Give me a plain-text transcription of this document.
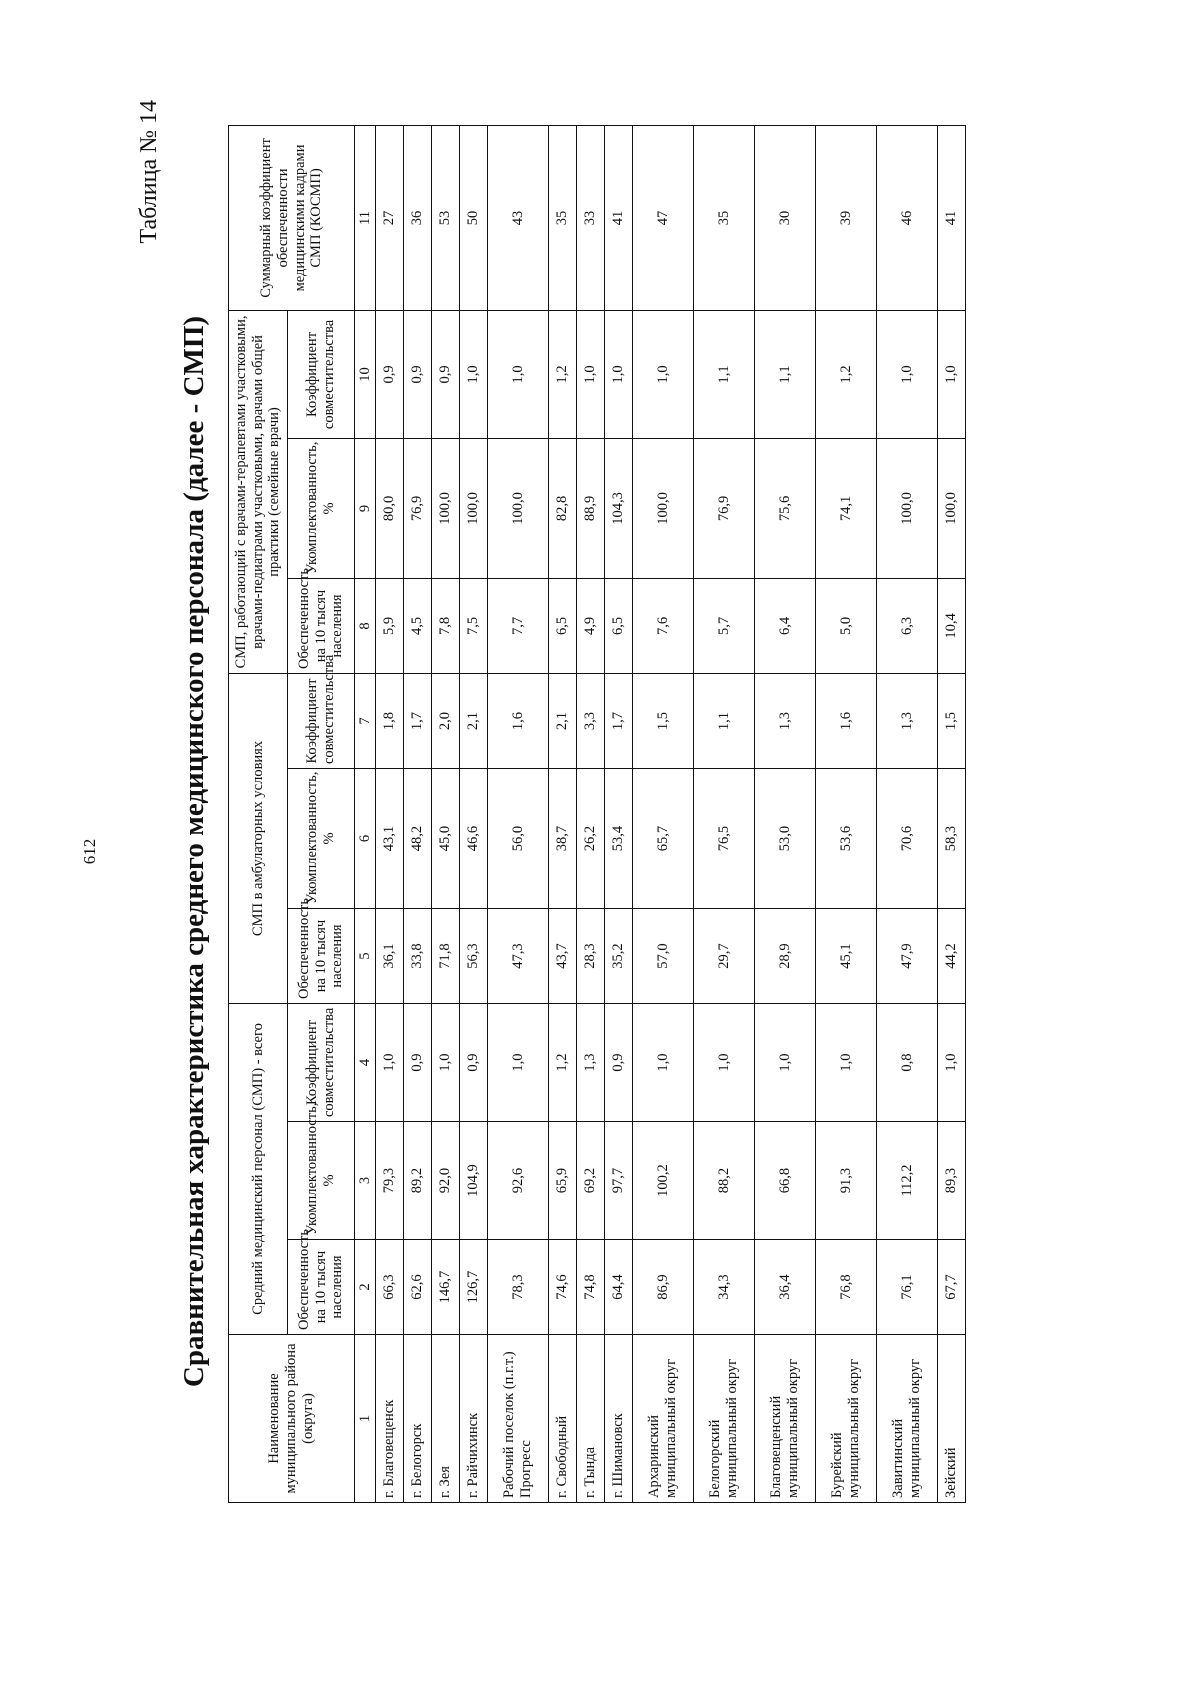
612
Таблица № 14
Сравнительная характеристика среднего медицинского персонала (далее - СМП)
Наименование муниципального района (округа)	Средний медицинский персонал (СМП) - всего			СМП в амбулаторных условиях			СМП, работающий с врачами-терапевтами участковыми, врачами-педиатрами участковыми, врачами общей практики (семейные врачи)			Суммарный коэффициент обеспеченности медицинскими кадрами СМП (КОСМП)
	Обеспеченность на 10 тысяч населения	Укомплектованность, %	Коэффициент совместительства	Обеспеченность на 10 тысяч населения	Укомплектованность, %	Коэффициент совместительства	Обеспеченность на 10 тысяч населения	Укомплектованность, %	Коэффициент совместительства	
1	2	3	4	5	6	7	8	9	10	11
г. Благовещенск	66,3	79,3	1,0	36,1	43,1	1,8	5,9	80,0	0,9	27
г. Белогорск	62,6	89,2	0,9	33,8	48,2	1,7	4,5	76,9	0,9	36
г. Зея	146,7	92,0	1,0	71,8	45,0	2,0	7,8	100,0	0,9	53
г. Райчихинск	126,7	104,9	0,9	56,3	46,6	2,1	7,5	100,0	1,0	50
Рабочий поселок (п.г.т.) Прогресс	78,3	92,6	1,0	47,3	56,0	1,6	7,7	100,0	1,0	43
г. Свободный	74,6	65,9	1,2	43,7	38,7	2,1	6,5	82,8	1,2	35
г. Тында	74,8	69,2	1,3	28,3	26,2	3,3	4,9	88,9	1,0	33
г. Шимановск	64,4	97,7	0,9	35,2	53,4	1,7	6,5	104,3	1,0	41
Архаринский муниципальный округ	86,9	100,2	1,0	57,0	65,7	1,5	7,6	100,0	1,0	47
Белогорский муниципальный округ	34,3	88,2	1,0	29,7	76,5	1,1	5,7	76,9	1,1	35
Благовещенский муниципальный округ	36,4	66,8	1,0	28,9	53,0	1,3	6,4	75,6	1,1	30
Бурейский муниципальный округ	76,8	91,3	1,0	45,1	53,6	1,6	5,0	74,1	1,2	39
Завитинский муниципальный округ	76,1	112,2	0,8	47,9	70,6	1,3	6,3	100,0	1,0	46
Зейский	67,7	89,3	1,0	44,2	58,3	1,5	10,4	100,0	1,0	41
